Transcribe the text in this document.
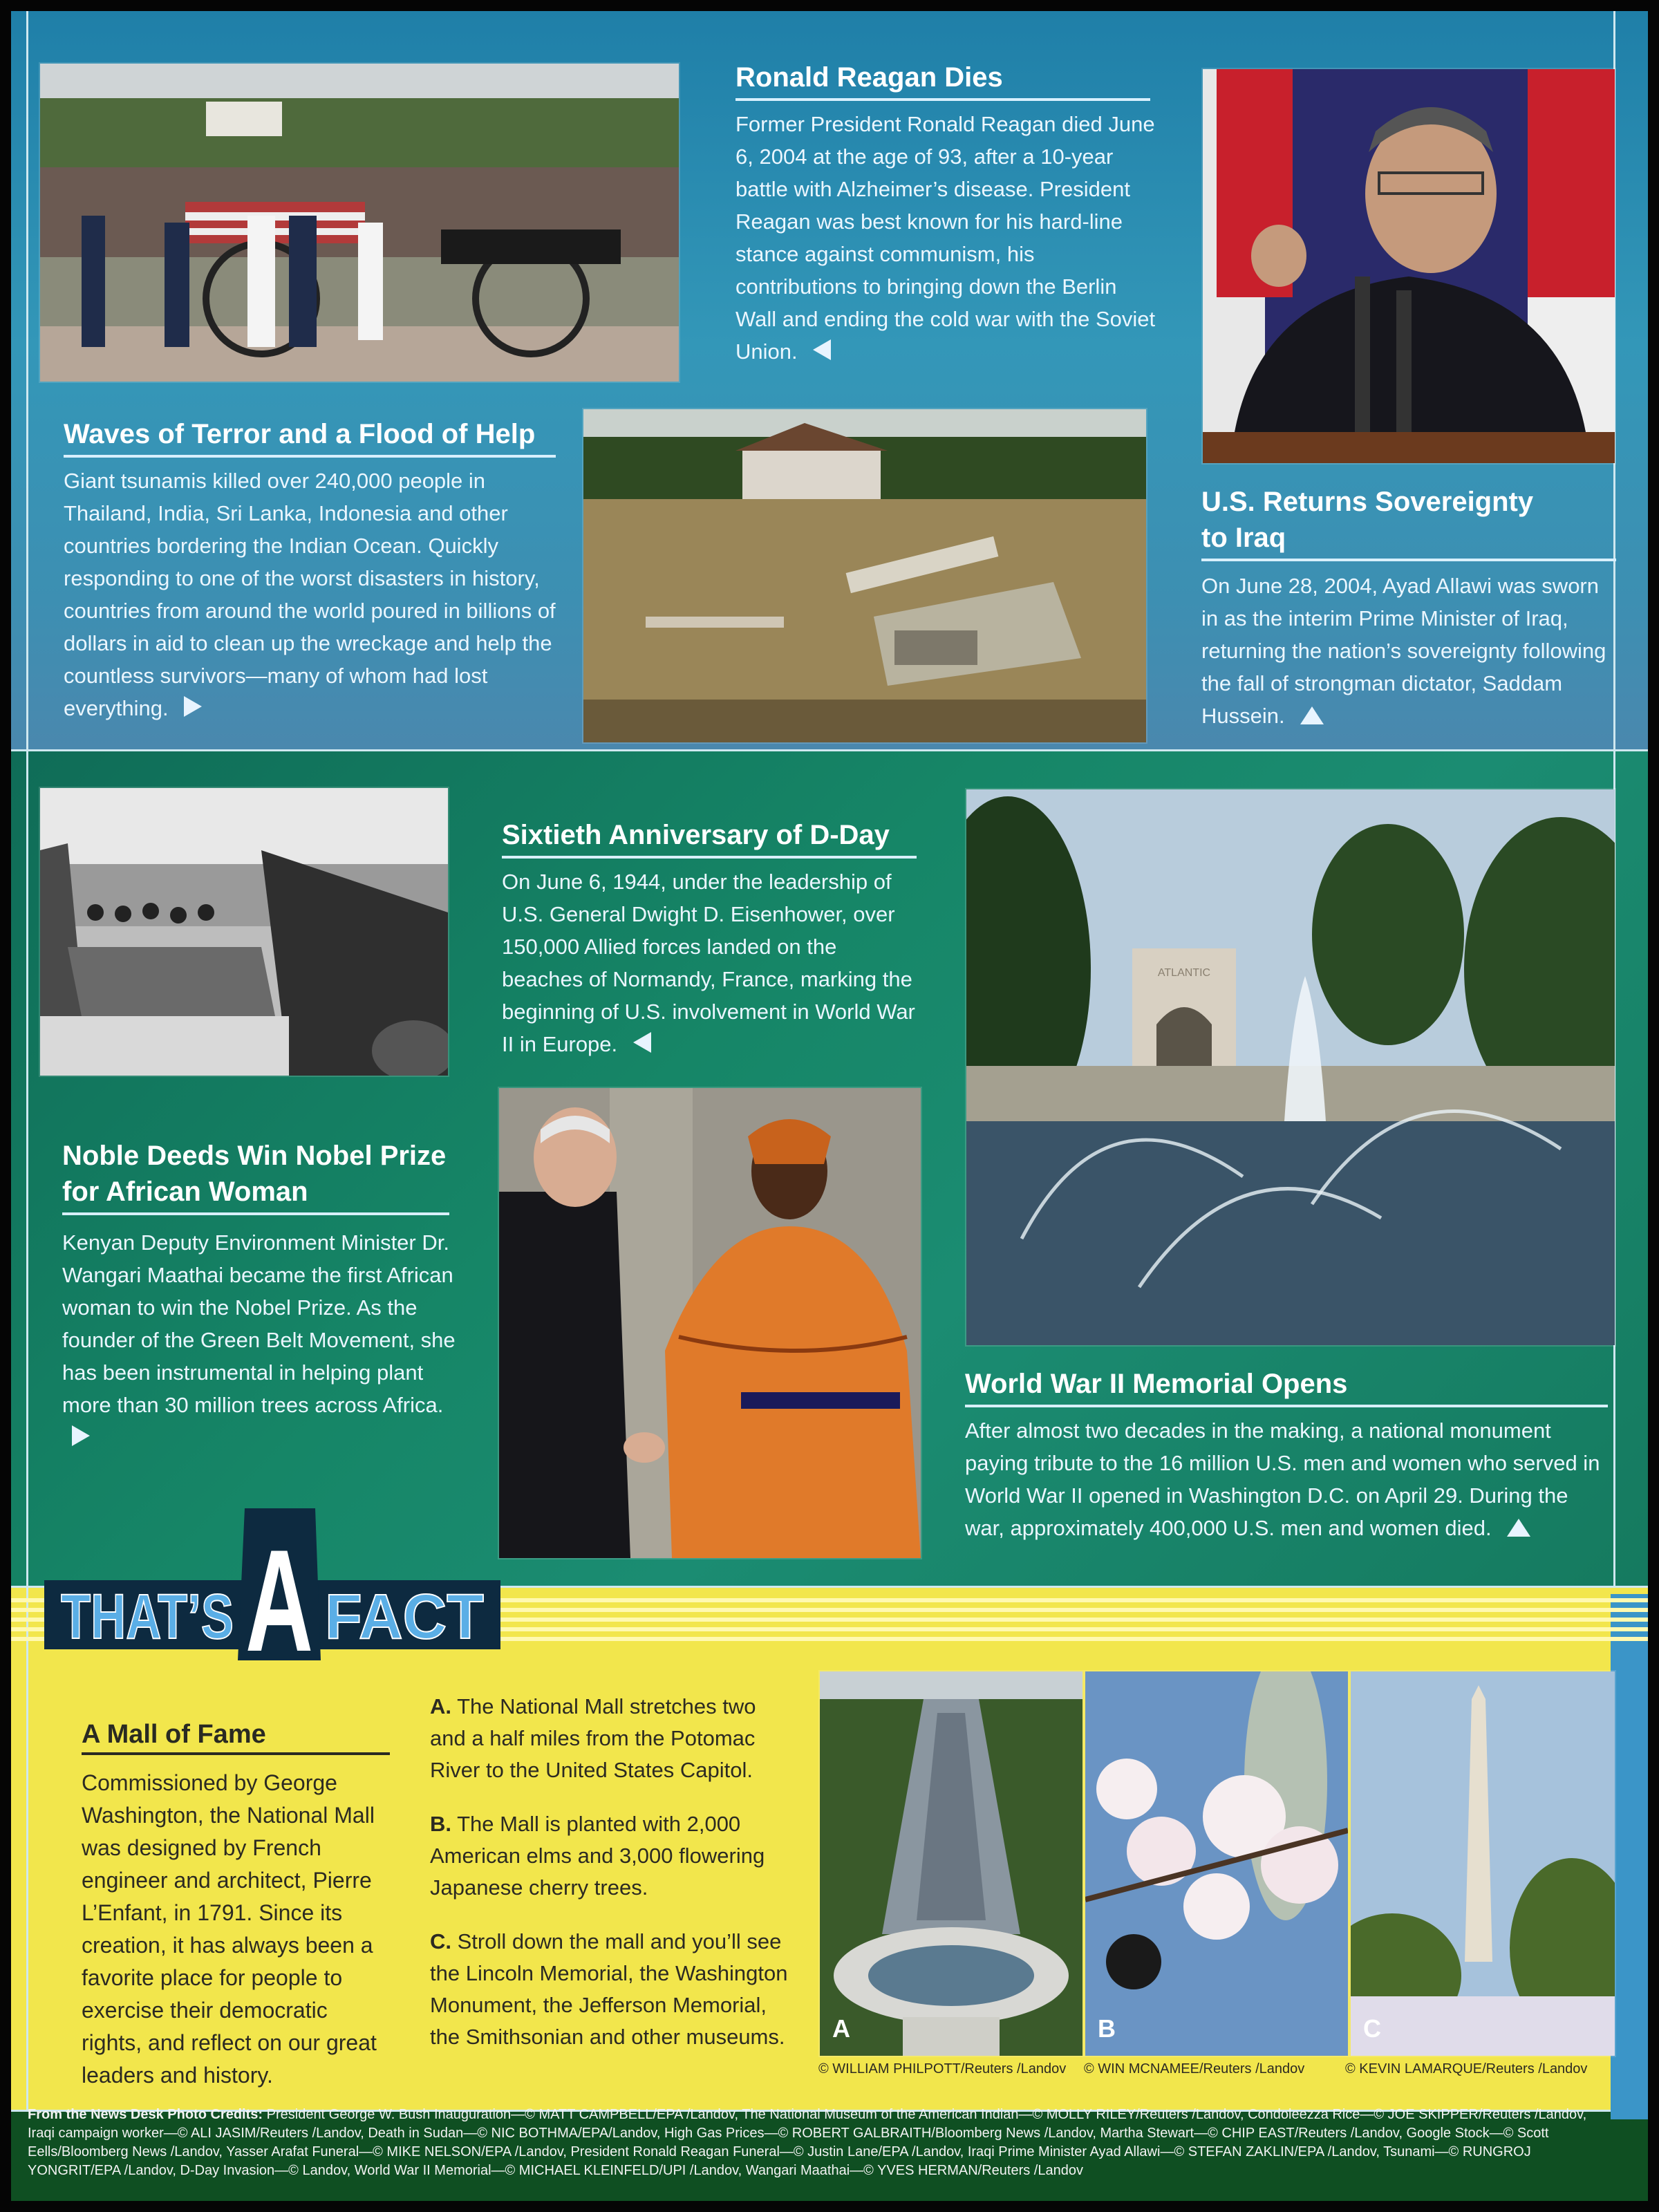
Ronald Reagan Dies
Former President Ronald Reagan died June 6, 2004 at the age of 93, after a 10-year battle with Alzheimer’s disease. President Reagan was best known for his hard-line stance against communism, his contributions to bringing down the Berlin Wall and ending the cold war with the Soviet Union.
Waves of Terror and a Flood of Help
Giant tsunamis killed over 240,000 people in Thailand, India, Sri Lanka, Indonesia and other countries bordering the Indian Ocean. Quickly responding to one of the worst disasters in history, countries from around the world poured in billions of dollars in aid to clean up the wreckage and help the countless survivors—many of whom had lost everything.
U.S. Returns Sovereignty
to Iraq
On June 28, 2004, Ayad Allawi was sworn in as the interim Prime Minister of Iraq, returning the nation’s sovereignty following the fall of strongman dictator, Saddam Hussein.
Sixtieth Anniversary of D-Day
On June 6, 1944, under the leadership of U.S. General Dwight D. Eisenhower, over 150,000 Allied forces landed on the beaches of Normandy, France, marking the beginning of U.S. involvement in World War II in Europe.
ATLANTIC
Noble Deeds Win Nobel Prize
for African Woman
Kenyan Deputy Environment Minister Dr. Wangari Maathai became the first African woman to win the Nobel Prize. As the founder of the Green Belt Movement, she has been instrumental in helping plant more than 30 million trees across Africa.
World War II Memorial Opens
After almost two decades in the making, a national monument paying tribute to the 16 million U.S. men and women who served in World War II opened in Washington D.C. on April 29. During the war, approximately 400,000 U.S. men and women died.
THAT’S A FACT
A Mall of Fame
Commissioned by George Washington, the National Mall was designed by French engineer and architect, Pierre L’Enfant, in 1791. Since its creation, it has always been a favorite place for people to exercise their democratic rights, and reflect on our great leaders and history.
A. The National Mall stretches two and a half miles from the Potomac River to the United States Capitol.
B. The Mall is planted with 2,000 American elms and 3,000 flowering Japanese cherry trees.
C. Stroll down the mall and you’ll see the Lincoln Memorial, the Washington Monument, the Jefferson Memorial, the Smithsonian and other museums. A	B	C
© WILLIAM PHILPOTT/Reuters /Landov © WIN MCNAMEE/Reuters /Landov	© KEVIN LAMARQUE/Reuters /Landov
From the News Desk Photo Credits: President George W. Bush Inauguration—© MATT CAMPBELL/EPA /Landov, The National Museum of the American Indian—© MOLLY RILEY/Reuters /Landov, Condoleezza Rice—© JOE SKIPPER/Reuters /Landov, Iraqi campaign worker—© ALI JASIM/Reuters /Landov, Death in Sudan—© NIC BOTHMA/EPA/Landov, High Gas Prices—© ROBERT GALBRAITH/Bloomberg News /Landov, Martha Stewart—© CHIP EAST/Reuters /Landov, Google Stock—© Scott Eells/Bloomberg News /Landov, Yasser Arafat Funeral—© MIKE NELSON/EPA /Landov, President Ronald Reagan Funeral—© Justin Lane/EPA /Landov, Iraqi Prime Minister Ayad Allawi—© STEFAN ZAKLIN/EPA /Landov, Tsunami—© RUNGROJ YONGRIT/EPA /Landov, D-Day Invasion—© Landov, World War II Memorial—© MICHAEL KLEINFELD/UPI /Landov, Wangari Maathai—© YVES HERMAN/Reuters /Landov
